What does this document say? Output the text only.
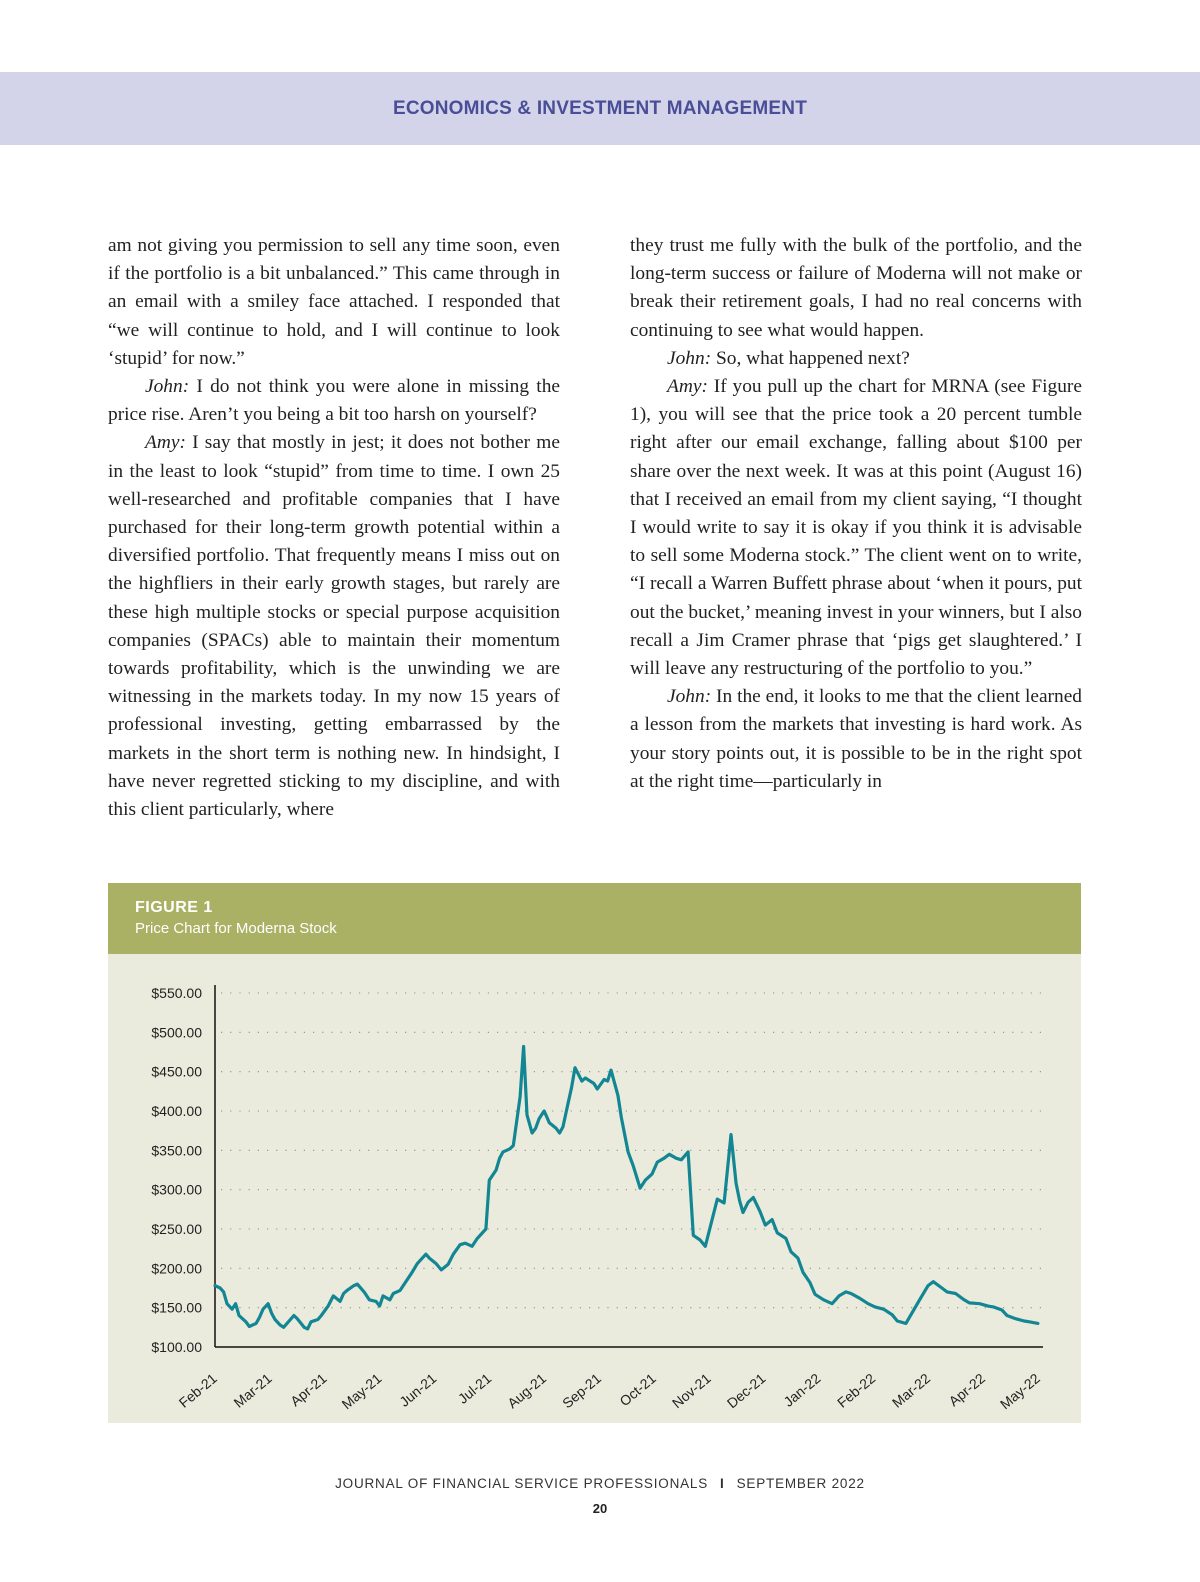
ECONOMICS & INVESTMENT MANAGEMENT

am not giving you permission to sell any time soon, even if the portfolio is a bit unbalanced.” This came through in an email with a smiley face attached. I responded that “we will continue to hold, and I will continue to look ‘stupid’ for now.”

John: I do not think you were alone in missing the price rise. Aren’t you being a bit too harsh on yourself?

Amy: I say that mostly in jest; it does not bother me in the least to look “stupid” from time to time. I own 25 well-researched and profitable companies that I have purchased for their long-term growth potential within a diversified portfolio. That frequently means I miss out on the highfliers in their early growth stages, but rarely are these high multiple stocks or special purpose acquisition companies (SPACs) able to maintain their momentum towards profitability, which is the unwinding we are witnessing in the markets today. In my now 15 years of professional investing, getting embarrassed by the markets in the short term is nothing new. In hindsight, I have never regretted sticking to my discipline, and with this client particularly, where

they trust me fully with the bulk of the portfolio, and the long-term success or failure of Moderna will not make or break their retirement goals, I had no real concerns with continuing to see what would happen.

John: So, what happened next?

Amy: If you pull up the chart for MRNA (see Figure 1), you will see that the price took a 20 percent tumble right after our email exchange, falling about $100 per share over the next week. It was at this point (August 16) that I received an email from my client saying, “I thought I would write to say it is okay if you think it is advisable to sell some Moderna stock.” The client went on to write, “I recall a Warren Buffett phrase about ‘when it pours, put out the bucket,’ meaning invest in your winners, but I also recall a Jim Cramer phrase that ‘pigs get slaughtered.’ I will leave any restructuring of the portfolio to you.”

John: In the end, it looks to me that the client learned a lesson from the markets that investing is hard work. As your story points out, it is possible to be in the right spot at the right time—particularly in

FIGURE 1
Price Chart for Moderna Stock
$100.00
$150.00
$200.00
$250.00
$300.00
$350.00
$400.00
$450.00
$500.00
$550.00
Feb-21 Mar-21 Apr-21 May-21 Jun-21 Jul-21 Aug-21 Sep-21 Oct-21 Nov-21 Dec-21 Jan-22 Feb-22 Mar-22 Apr-22 May-22
JOURNAL OF FINANCIAL SERVICE PROFESSIONALS I SEPTEMBER 2022
20
